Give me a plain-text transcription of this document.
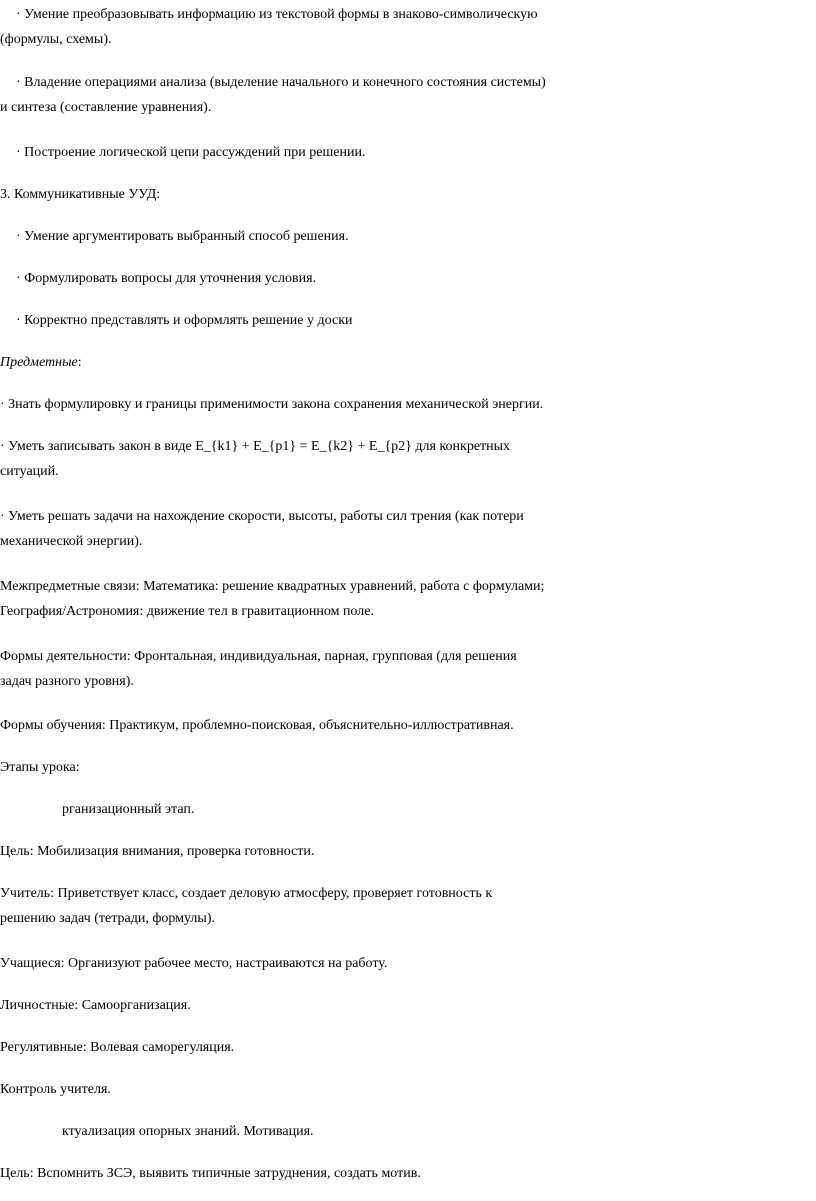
· Умение преобразовывать информацию из текстовой формы в знаково-символическую
(формулы, схемы).

· Владение операциями анализа (выделение начального и конечного состояния системы)
и синтеза (составление уравнения).

· Построение логической цепи рассуждений при решении.

3. Коммуникативные УУД:

· Умение аргументировать выбранный способ решения.

· Формулировать вопросы для уточнения условия.

· Корректно представлять и оформлять решение у доски

Предметные:

· Знать формулировку и границы применимости закона сохранения механической энергии.

· Уметь записывать закон в виде E_{k1} + E_{p1} = E_{k2} + E_{p2} для конкретных
ситуаций.

· Уметь решать задачи на нахождение скорости, высоты, работы сил трения (как потери
механической энергии).

Межпредметные связи: Математика: решение квадратных уравнений, работа с формулами;
География/Астрономия: движение тел в гравитационном поле.

Формы деятельности: Фронтальная, индивидуальная, парная, групповая (для решения
задач разного уровня).

Формы обучения: Практикум, проблемно-поисковая, объяснительно-иллюстративная.

Этапы урока:

рганизационный этап.

Цель: Мобилизация внимания, проверка готовности.

Учитель: Приветствует класс, создает деловую атмосферу, проверяет готовность к
решению задач (тетради, формулы).

Учащиеся: Организуют рабочее место, настраиваются на работу.

Личностные: Самоорганизация.

Регулятивные: Волевая саморегуляция.

Контроль учителя.

ктуализация опорных знаний. Мотивация.

Цель: Вспомнить ЗСЭ, выявить типичные затруднения, создать мотив.
